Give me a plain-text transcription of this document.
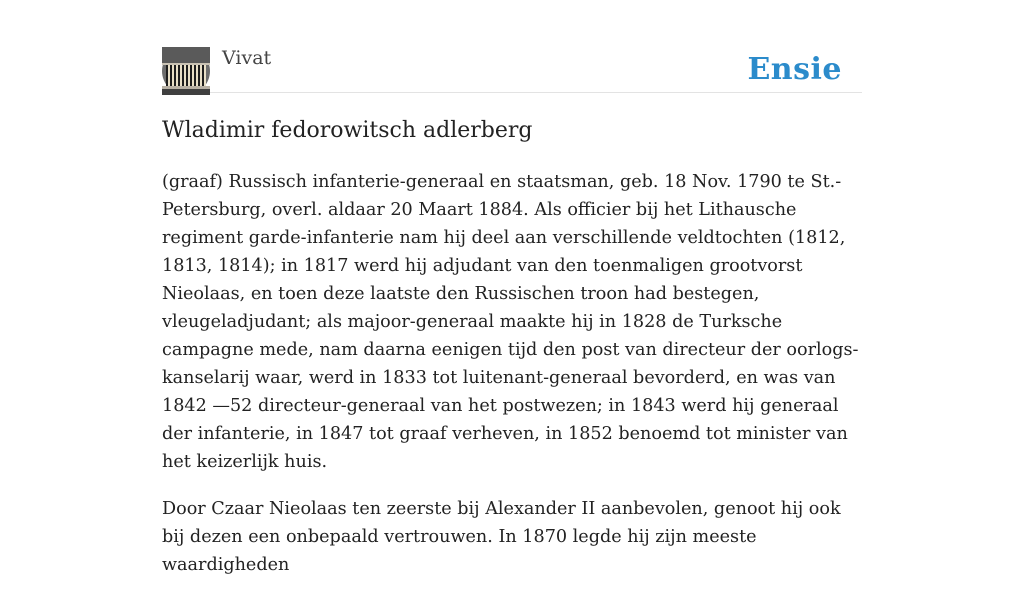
Vivat	Ensie
Wladimir fedorowitsch adlerberg

(graaf) Russisch infanterie-generaal en staatsman, geb. 18 Nov. 1790 te St.-Petersburg, overl. aldaar 20 Maart 1884. Als officier bij het Lithausche regiment garde-infanterie nam hij deel aan verschillende veldtochten (1812, 1813, 1814); in 1817 werd hij adjudant van den toenmaligen grootvorst Nieolaas, en toen deze laatste den Russischen troon had bestegen, vleugeladjudant; als majoor-generaal maakte hij in 1828 de Turksche campagne mede, nam daarna eenigen tijd den post van directeur der oorlogs-kanselarij waar, werd in 1833 tot luitenant-generaal bevorderd, en was van 1842 —52 directeur-generaal van het postwezen; in 1843 werd hij generaal der infanterie, in 1847 tot graaf verheven, in 1852 benoemd tot minister van het keizerlijk huis.

Door Czaar Nieolaas ten zeerste bij Alexander II aanbevolen, genoot hij ook bij dezen een onbepaald vertrouwen. In 1870 legde hij zijn meeste waardigheden
